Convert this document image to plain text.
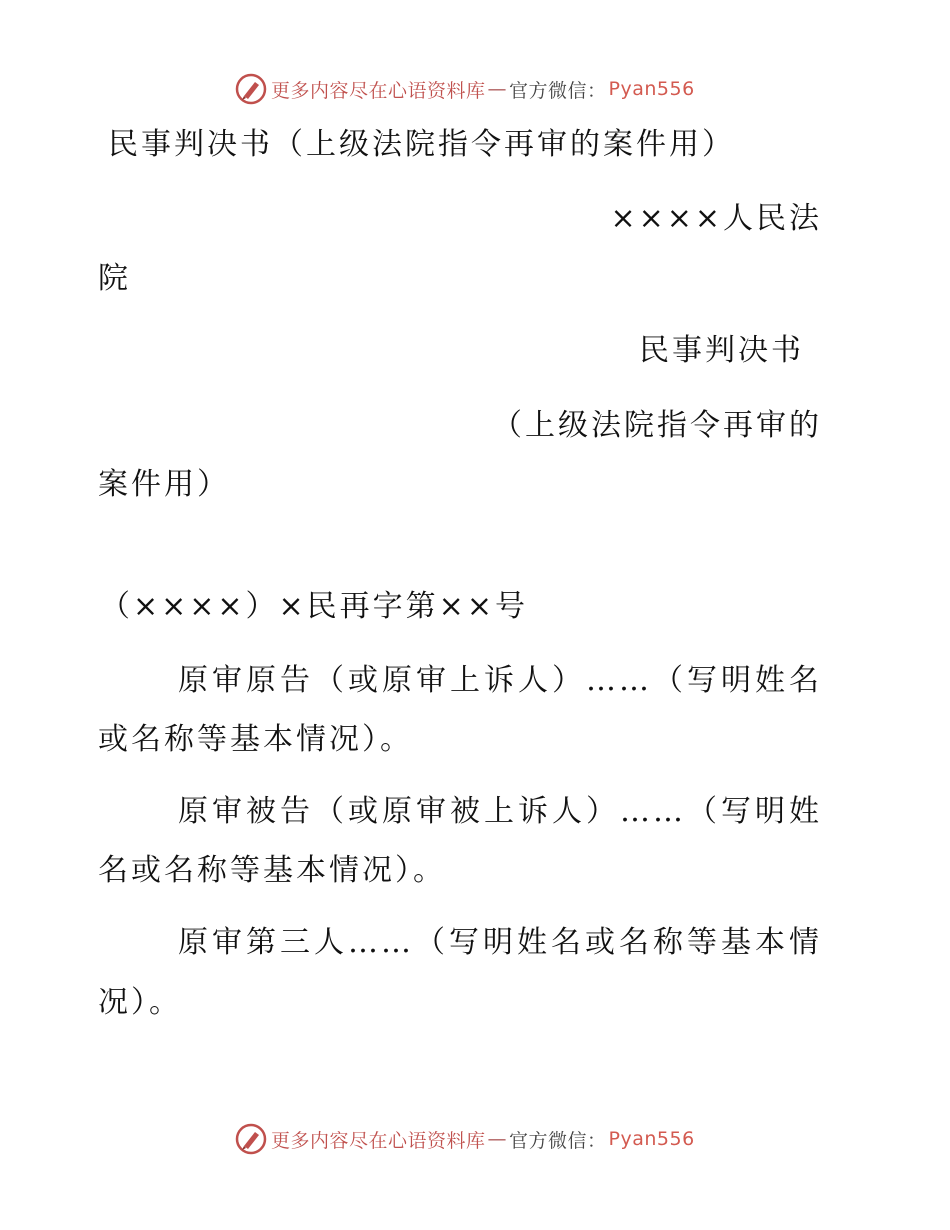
更多内容尽在心语资料库 — 官方微信： Pyan556
民事判决书（上级法院指令再审的案件用）
××××人民法
院
民事判决书
（上级法院指令再审的
案件用）
（××××）×民再字第××号
原审原告（或原审上诉人）……（写明姓名
或名称等基本情况）。
原审被告（或原审被上诉人）……（写明姓
名或名称等基本情况）。
原审第三人……（写明姓名或名称等基本情
况）。
更多内容尽在心语资料库 — 官方微信： Pyan556
